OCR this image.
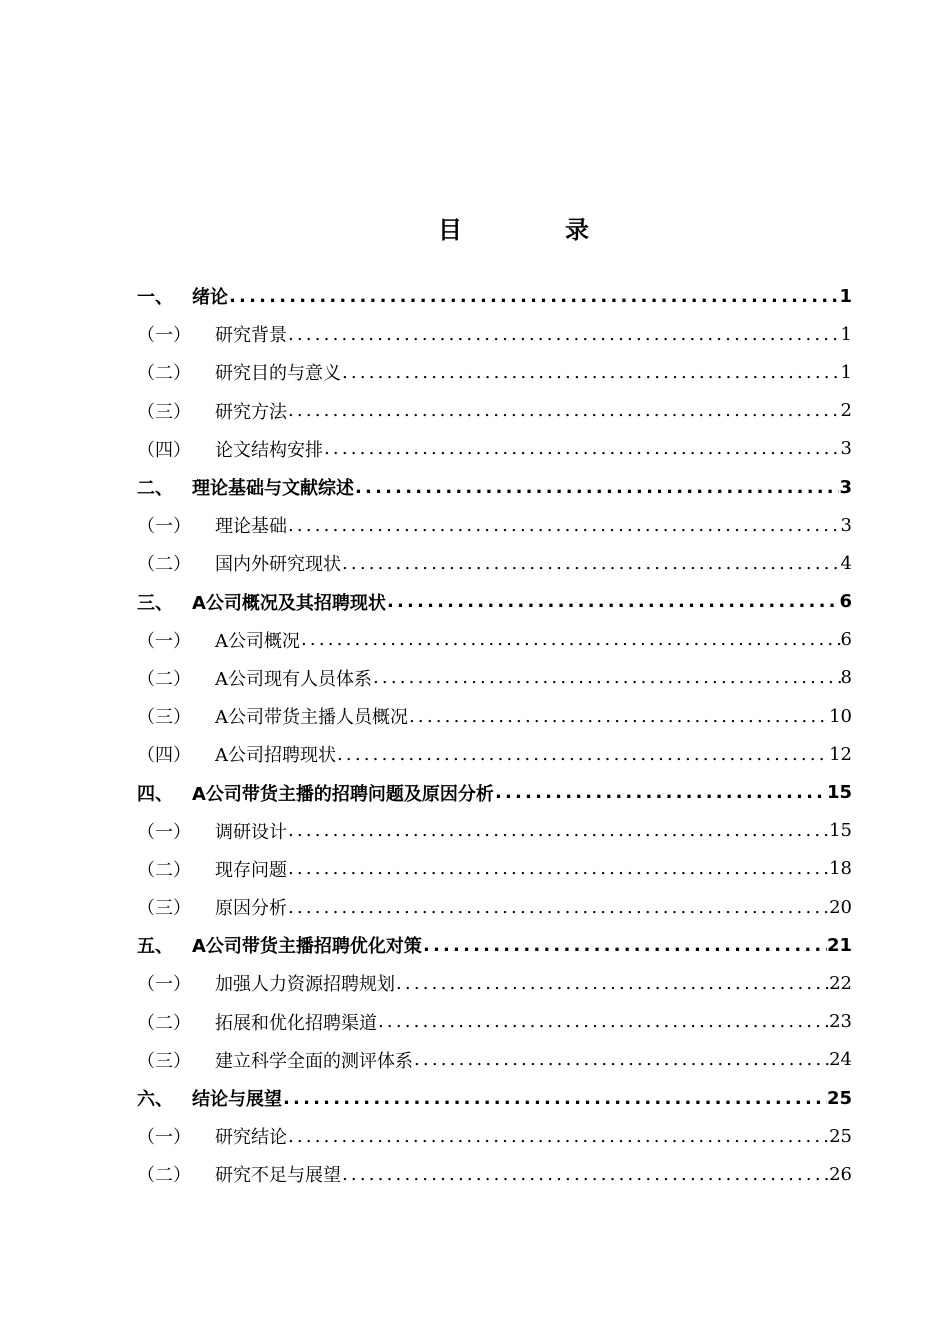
目	录
一、	绪论 .....	1
（一）	研究背景 .....	1
（二）	研究目的与意义 .....	1
（三）	研究方法 .....	2
（四）	论文结构安排 .....	3
二、	理论基础与文献综述 .....	3
（一）	理论基础 .....	3
（二）	国内外研究现状 .....	4
三、	A公司概况及其招聘现状 .....	6
（一）	A公司概况 .....	6
（二）	A公司现有人员体系 .....	8
（三）	A公司带货主播人员概况 .....	10
（四）	A公司招聘现状 .....	12
四、	A公司带货主播的招聘问题及原因分析 .....	15
（一）	调研设计 .....	15
（二）	现存问题 .....	18
（三）	原因分析 .....	20
五、	A公司带货主播招聘优化对策 .....	21
（一）	加强人力资源招聘规划 .....	22
（二）	拓展和优化招聘渠道 .....	23
（三）	建立科学全面的测评体系 .....	24
六、	结论与展望 .....	25
（一）	研究结论 .....	25
（二）	研究不足与展望 .....	26
